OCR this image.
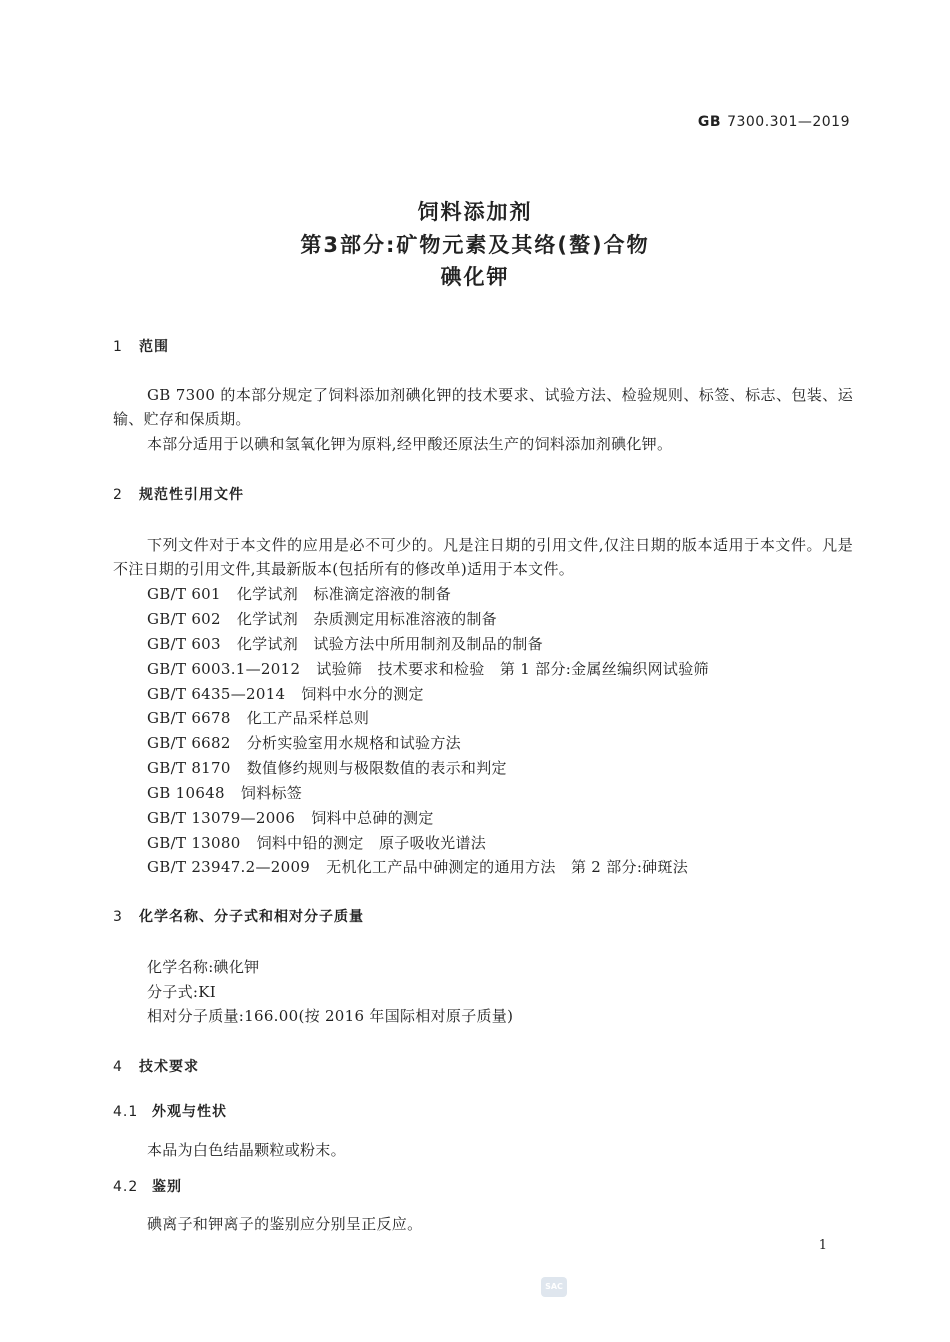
GB 7300.301—2019
饲料添加剂
第3部分:矿物元素及其络(螯)合物
碘化钾
1 范围
GB 7300 的本部分规定了饲料添加剂碘化钾的技术要求、试验方法、检验规则、标签、标志、包装、运输、贮存和保质期。
本部分适用于以碘和氢氧化钾为原料,经甲酸还原法生产的饲料添加剂碘化钾。
2 规范性引用文件
下列文件对于本文件的应用是必不可少的。凡是注日期的引用文件,仅注日期的版本适用于本文件。凡是不注日期的引用文件,其最新版本(包括所有的修改单)适用于本文件。
GB/T 601 化学试剂　标准滴定溶液的制备
GB/T 602 化学试剂　杂质测定用标准溶液的制备
GB/T 603 化学试剂　试验方法中所用制剂及制品的制备
GB/T 6003.1—2012 试验筛　技术要求和检验　第 1 部分:金属丝编织网试验筛
GB/T 6435—2014 饲料中水分的测定
GB/T 6678 化工产品采样总则
GB/T 6682 分析实验室用水规格和试验方法
GB/T 8170 数值修约规则与极限数值的表示和判定
GB 10648 饲料标签
GB/T 13079—2006 饲料中总砷的测定
GB/T 13080 饲料中铅的测定　原子吸收光谱法
GB/T 23947.2—2009 无机化工产品中砷测定的通用方法　第 2 部分:砷斑法
3 化学名称、分子式和相对分子质量
化学名称:碘化钾
分子式:KI
相对分子质量:166.00(按 2016 年国际相对原子质量)
4 技术要求
4.1 外观与性状
本品为白色结晶颗粒或粉末。
4.2 鉴别
碘离子和钾离子的鉴别应分别呈正反应。
1
SAC
